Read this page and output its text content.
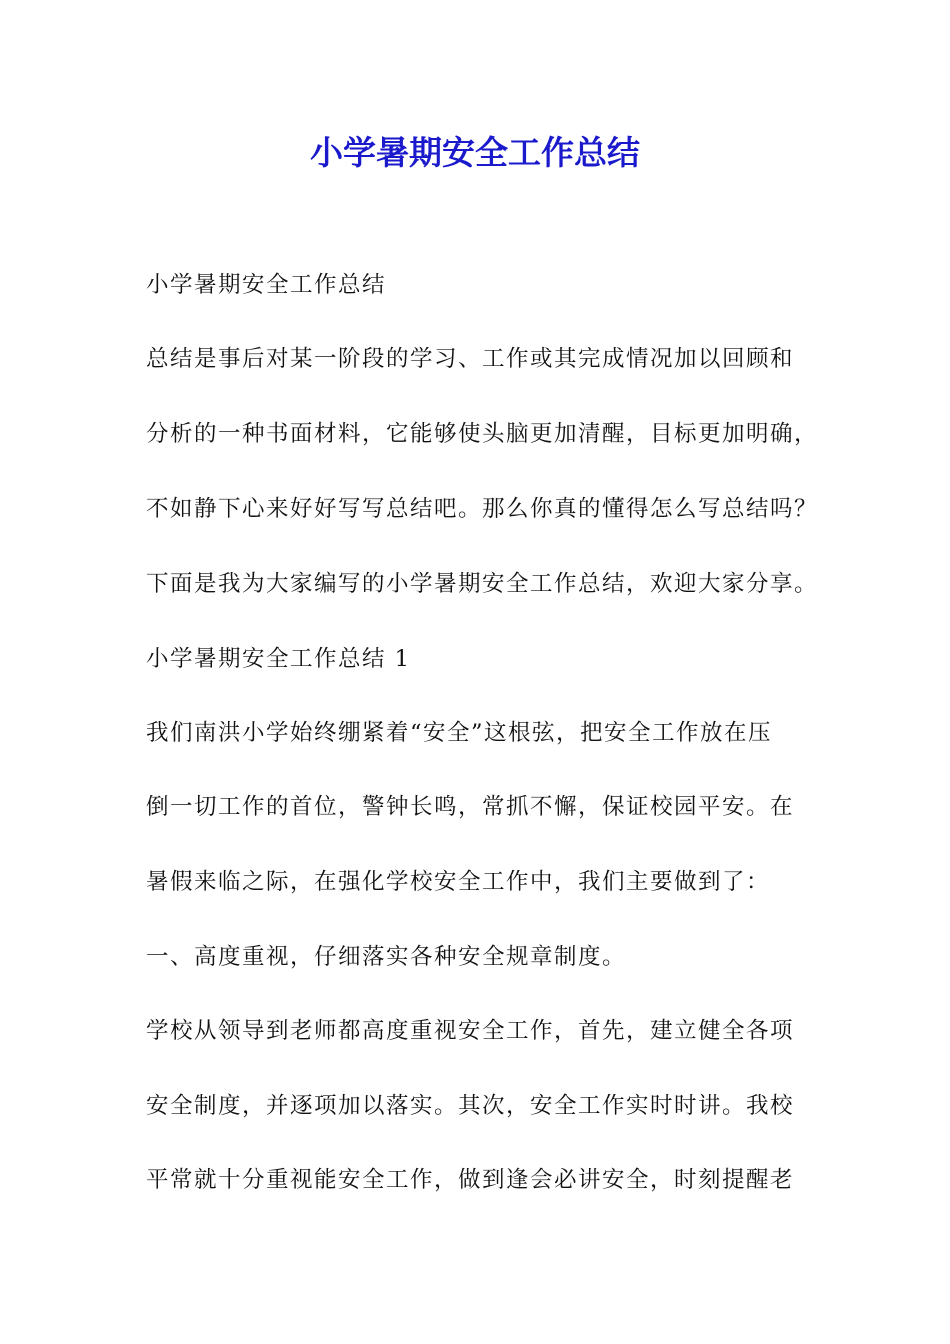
小学暑期安全工作总结

小学暑期安全工作总结

总结是事后对某一阶段的学习、工作或其完成情况加以回顾和

分析的一种书面材料，它能够使头脑更加清醒，目标更加明确，

不如静下心来好好写写总结吧。那么你真的懂得怎么写总结吗？

下面是我为大家编写的小学暑期安全工作总结，欢迎大家分享。

小学暑期安全工作总结 1

我们南洪小学始终绷紧着“安全”这根弦，把安全工作放在压

倒一切工作的首位，警钟长鸣，常抓不懈，保证校园平安。在

暑假来临之际，在强化学校安全工作中，我们主要做到了：

一、高度重视，仔细落实各种安全规章制度。

学校从领导到老师都高度重视安全工作，首先，建立健全各项

安全制度，并逐项加以落实。其次，安全工作实时时讲。我校

平常就十分重视能安全工作，做到逢会必讲安全，时刻提醒老
